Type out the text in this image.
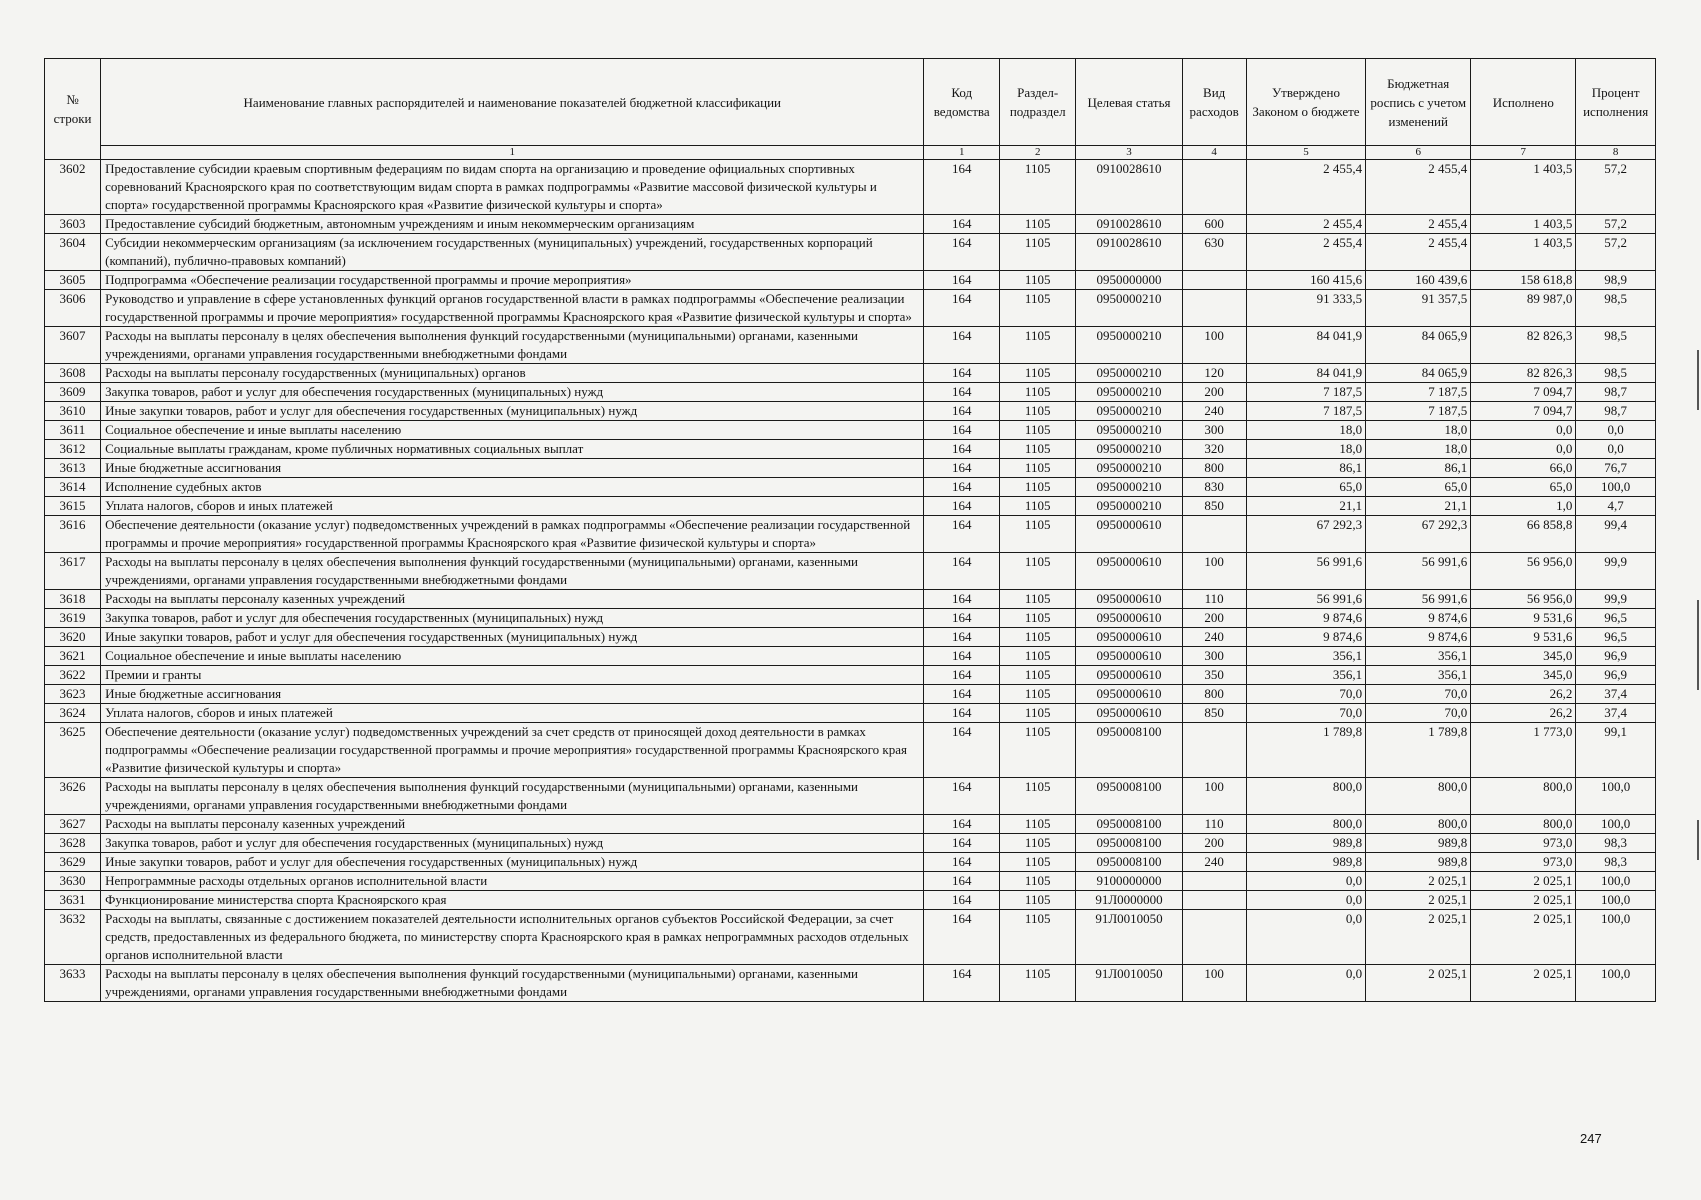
№ строки	Наименование главных распорядителей и наименование показателей бюджетной классификации	Код ведомства	Раздел-подраздел	Целевая статья	Вид расходов	Утверждено Законом о бюджете	Бюджетная роспись с учетом изменений	Исполнено	Процент исполнения
	1	1	2	3	4	5	6	7	8
3602	Предоставление субсидии краевым спортивным федерациям по видам спорта на организацию и проведение официальных спортивных соревнований Красноярского края по соответствующим видам спорта в рамках подпрограммы «Развитие массовой физической культуры и спорта» государственной программы Красноярского края «Развитие физической культуры и спорта»	164	1105	0910028610		2 455,4	2 455,4	1 403,5	57,2
3603	Предоставление субсидий бюджетным, автономным учреждениям и иным некоммерческим организациям	164	1105	0910028610	600	2 455,4	2 455,4	1 403,5	57,2
3604	Субсидии некоммерческим организациям (за исключением государственных (муниципальных) учреждений, государственных корпораций (компаний), публично-правовых компаний)	164	1105	0910028610	630	2 455,4	2 455,4	1 403,5	57,2
3605	Подпрограмма «Обеспечение реализации государственной программы и прочие мероприятия»	164	1105	0950000000		160 415,6	160 439,6	158 618,8	98,9
3606	Руководство и управление в сфере установленных функций органов государственной власти в рамках подпрограммы «Обеспечение реализации государственной программы и прочие мероприятия» государственной программы Красноярского края «Развитие физической культуры и спорта»	164	1105	0950000210		91 333,5	91 357,5	89 987,0	98,5
3607	Расходы на выплаты персоналу в целях обеспечения выполнения функций государственными (муниципальными) органами, казенными учреждениями, органами управления государственными внебюджетными фондами	164	1105	0950000210	100	84 041,9	84 065,9	82 826,3	98,5
3608	Расходы на выплаты персоналу государственных (муниципальных) органов	164	1105	0950000210	120	84 041,9	84 065,9	82 826,3	98,5
3609	Закупка товаров, работ и услуг для обеспечения государственных (муниципальных) нужд	164	1105	0950000210	200	7 187,5	7 187,5	7 094,7	98,7
3610	Иные закупки товаров, работ и услуг для обеспечения государственных (муниципальных) нужд	164	1105	0950000210	240	7 187,5	7 187,5	7 094,7	98,7
3611	Социальное обеспечение и иные выплаты населению	164	1105	0950000210	300	18,0	18,0	0,0	0,0
3612	Социальные выплаты гражданам, кроме публичных нормативных социальных выплат	164	1105	0950000210	320	18,0	18,0	0,0	0,0
3613	Иные бюджетные ассигнования	164	1105	0950000210	800	86,1	86,1	66,0	76,7
3614	Исполнение судебных актов	164	1105	0950000210	830	65,0	65,0	65,0	100,0
3615	Уплата налогов, сборов и иных платежей	164	1105	0950000210	850	21,1	21,1	1,0	4,7
3616	Обеспечение деятельности (оказание услуг) подведомственных учреждений в рамках подпрограммы «Обеспечение реализации государственной программы и прочие мероприятия» государственной программы Красноярского края «Развитие физической культуры и спорта»	164	1105	0950000610		67 292,3	67 292,3	66 858,8	99,4
3617	Расходы на выплаты персоналу в целях обеспечения выполнения функций государственными (муниципальными) органами, казенными учреждениями, органами управления государственными внебюджетными фондами	164	1105	0950000610	100	56 991,6	56 991,6	56 956,0	99,9
3618	Расходы на выплаты персоналу казенных учреждений	164	1105	0950000610	110	56 991,6	56 991,6	56 956,0	99,9
3619	Закупка товаров, работ и услуг для обеспечения государственных (муниципальных) нужд	164	1105	0950000610	200	9 874,6	9 874,6	9 531,6	96,5
3620	Иные закупки товаров, работ и услуг для обеспечения государственных (муниципальных) нужд	164	1105	0950000610	240	9 874,6	9 874,6	9 531,6	96,5
3621	Социальное обеспечение и иные выплаты населению	164	1105	0950000610	300	356,1	356,1	345,0	96,9
3622	Премии и гранты	164	1105	0950000610	350	356,1	356,1	345,0	96,9
3623	Иные бюджетные ассигнования	164	1105	0950000610	800	70,0	70,0	26,2	37,4
3624	Уплата налогов, сборов и иных платежей	164	1105	0950000610	850	70,0	70,0	26,2	37,4
3625	Обеспечение деятельности (оказание услуг) подведомственных учреждений за счет средств от приносящей доход деятельности в рамках подпрограммы «Обеспечение реализации государственной программы и прочие мероприятия» государственной программы Красноярского края «Развитие физической культуры и спорта»	164	1105	0950008100		1 789,8	1 789,8	1 773,0	99,1
3626	Расходы на выплаты персоналу в целях обеспечения выполнения функций государственными (муниципальными) органами, казенными учреждениями, органами управления государственными внебюджетными фондами	164	1105	0950008100	100	800,0	800,0	800,0	100,0
3627	Расходы на выплаты персоналу казенных учреждений	164	1105	0950008100	110	800,0	800,0	800,0	100,0
3628	Закупка товаров, работ и услуг для обеспечения государственных (муниципальных) нужд	164	1105	0950008100	200	989,8	989,8	973,0	98,3
3629	Иные закупки товаров, работ и услуг для обеспечения государственных (муниципальных) нужд	164	1105	0950008100	240	989,8	989,8	973,0	98,3
3630	Непрограммные расходы отдельных органов исполнительной власти	164	1105	9100000000		0,0	2 025,1	2 025,1	100,0
3631	Функционирование министерства спорта Красноярского края	164	1105	91Л0000000		0,0	2 025,1	2 025,1	100,0
3632	Расходы на выплаты, связанные с достижением показателей деятельности исполнительных органов субъектов Российской Федерации, за счет средств, предоставленных из федерального бюджета, по министерству спорта Красноярского края в рамках непрограммных расходов отдельных органов исполнительной власти	164	1105	91Л0010050		0,0	2 025,1	2 025,1	100,0
3633	Расходы на выплаты персоналу в целях обеспечения выполнения функций государственными (муниципальными) органами, казенными учреждениями, органами управления государственными внебюджетными фондами	164	1105	91Л0010050	100	0,0	2 025,1	2 025,1	100,0
247
